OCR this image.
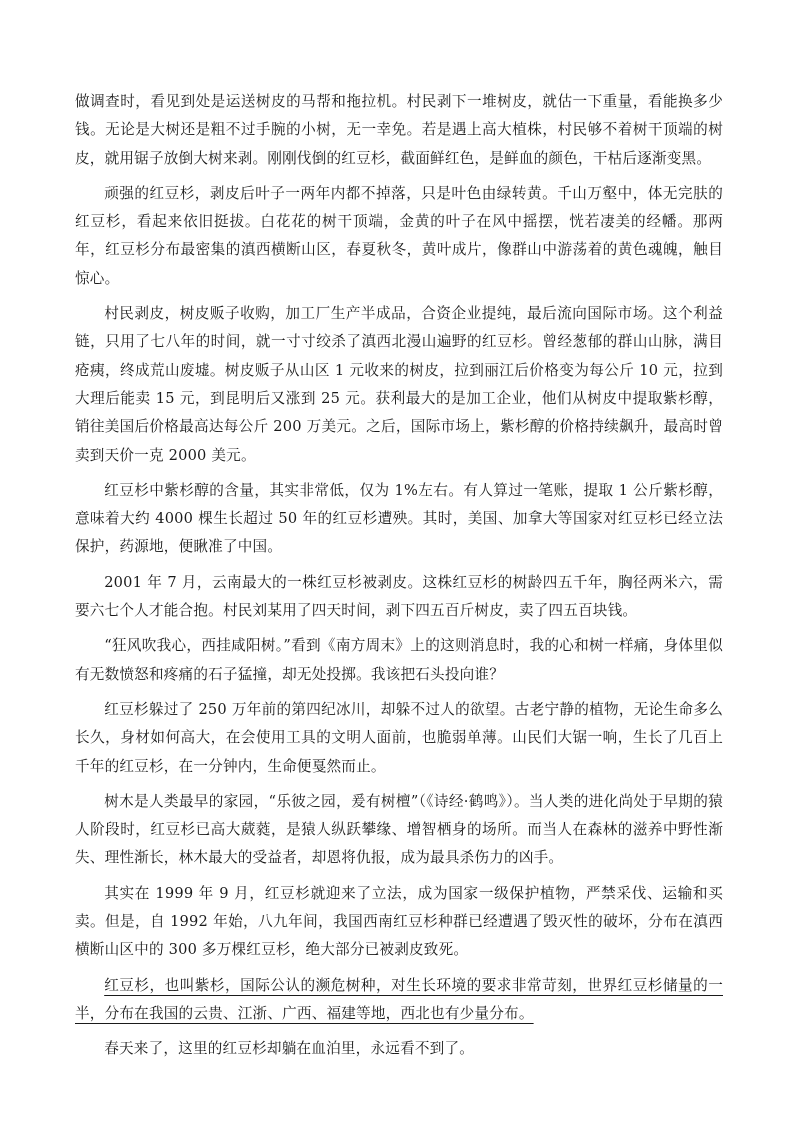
做调查时，看见到处是运送树皮的马帮和拖拉机。村民剥下一堆树皮，就估一下重量，看能换多少钱。无论是大树还是粗不过手腕的小树，无一幸免。若是遇上高大植株，村民够不着树干顶端的树皮，就用锯子放倒大树来剥。刚刚伐倒的红豆杉，截面鲜红色，是鲜血的颜色，干枯后逐渐变黑。

顽强的红豆杉，剥皮后叶子一两年内都不掉落，只是叶色由绿转黄。千山万壑中，体无完肤的红豆杉，看起来依旧挺拔。白花花的树干顶端，金黄的叶子在风中摇摆，恍若凄美的经幡。那两年，红豆杉分布最密集的滇西横断山区，春夏秋冬，黄叶成片，像群山中游荡着的黄色魂魄，触目惊心。

村民剥皮，树皮贩子收购，加工厂生产半成品，合资企业提纯，最后流向国际市场。这个利益链，只用了七八年的时间，就一寸寸绞杀了滇西北漫山遍野的红豆杉。曾经葱郁的群山山脉，满目疮痍，终成荒山废墟。树皮贩子从山区 1 元收来的树皮，拉到丽江后价格变为每公斤 10 元，拉到大理后能卖 15 元，到昆明后又涨到 25 元。获利最大的是加工企业，他们从树皮中提取紫杉醇，销往美国后价格最高达每公斤 200 万美元。之后，国际市场上，紫杉醇的价格持续飙升，最高时曾卖到天价一克 2000 美元。

红豆杉中紫杉醇的含量，其实非常低，仅为 1%左右。有人算过一笔账，提取 1 公斤紫杉醇，意味着大约 4000 棵生长超过 50 年的红豆杉遭殃。其时，美国、加拿大等国家对红豆杉已经立法保护，药源地，便瞅准了中国。

2001 年 7 月，云南最大的一株红豆杉被剥皮。这株红豆杉的树龄四五千年，胸径两米六，需要六七个人才能合抱。村民刘某用了四天时间，剥下四五百斤树皮，卖了四五百块钱。

“狂风吹我心，西挂咸阳树。”看到《南方周末》上的这则消息时，我的心和树一样痛，身体里似有无数愤怒和疼痛的石子猛撞，却无处投掷。我该把石头投向谁？

红豆杉躲过了 250 万年前的第四纪冰川，却躲不过人的欲望。古老宁静的植物，无论生命多么长久，身材如何高大，在会使用工具的文明人面前，也脆弱单薄。山民们大锯一响，生长了几百上千年的红豆杉，在一分钟内，生命便戛然而止。

树木是人类最早的家园，“乐彼之园，爰有树檀”（《诗经·鹤鸣》）。当人类的进化尚处于早期的猿人阶段时，红豆杉已高大葳蕤，是猿人纵跃攀缘、增智栖身的场所。而当人在森林的滋养中野性渐失、理性渐长，林木最大的受益者，却恩将仇报，成为最具杀伤力的凶手。

其实在 1999 年 9 月，红豆杉就迎来了立法，成为国家一级保护植物，严禁采伐、运输和买卖。但是，自 1992 年始，八九年间，我国西南红豆杉种群已经遭遇了毁灭性的破坏，分布在滇西横断山区中的 300 多万棵红豆杉，绝大部分已被剥皮致死。

红豆杉，也叫紫杉，国际公认的濒危树种，对生长环境的要求非常苛刻，世界红豆杉储量的一半，分布在我国的云贵、江浙、广西、福建等地，西北也有少量分布。

春天来了，这里的红豆杉却躺在血泊里，永远看不到了。
